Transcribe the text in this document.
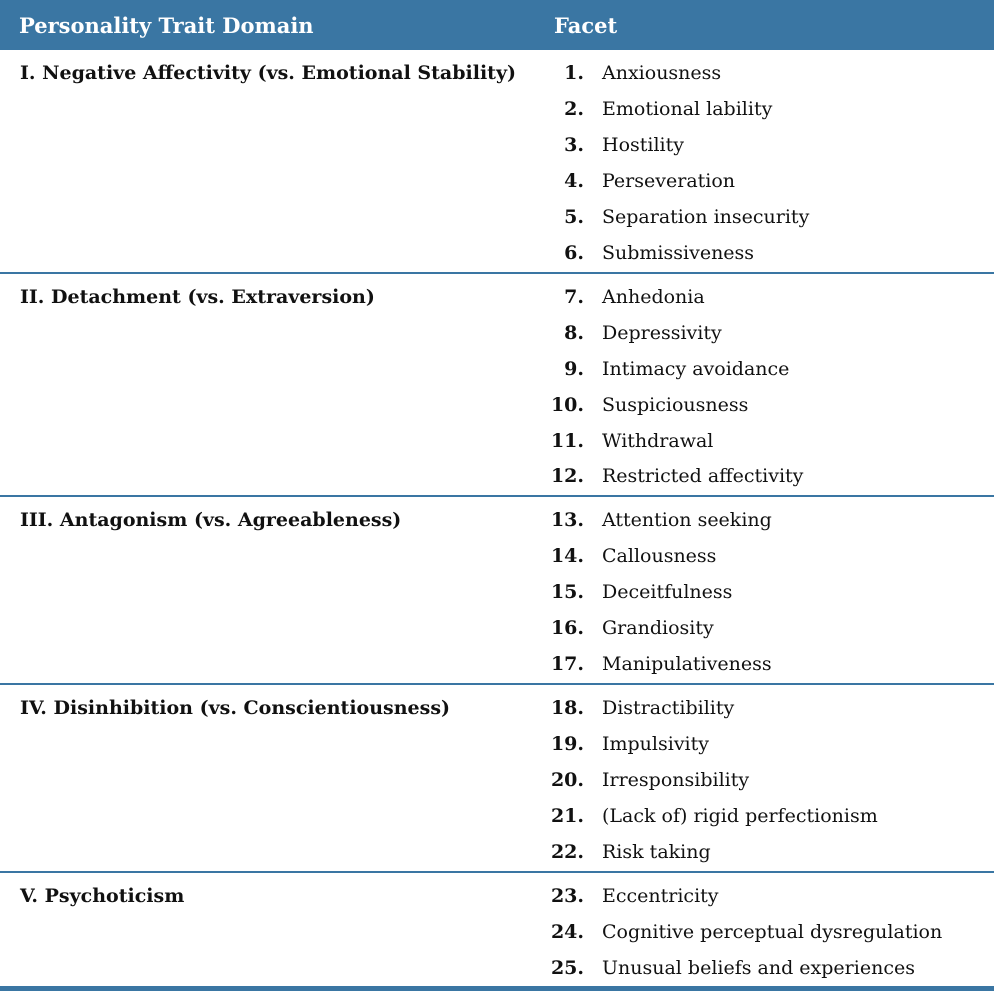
Personality Trait Domain	Facet
I. Negative Affectivity (vs. Emotional Stability)	1. Anxiousness
2. Emotional lability
3. Hostility
4. Perseveration
5. Separation insecurity
6. Submissiveness
II. Detachment (vs. Extraversion)	7. Anhedonia
8. Depressivity
9. Intimacy avoidance
10. Suspiciousness
11. Withdrawal
12. Restricted affectivity
III. Antagonism (vs. Agreeableness)	13. Attention seeking
14. Callousness
15. Deceitfulness
16. Grandiosity
17. Manipulativeness
IV. Disinhibition (vs. Conscientiousness)	18. Distractibility
19. Impulsivity
20. Irresponsibility
21. (Lack of) rigid perfectionism
22. Risk taking
V. Psychoticism	23. Eccentricity
24. Cognitive perceptual dysregulation
25. Unusual beliefs and experiences
